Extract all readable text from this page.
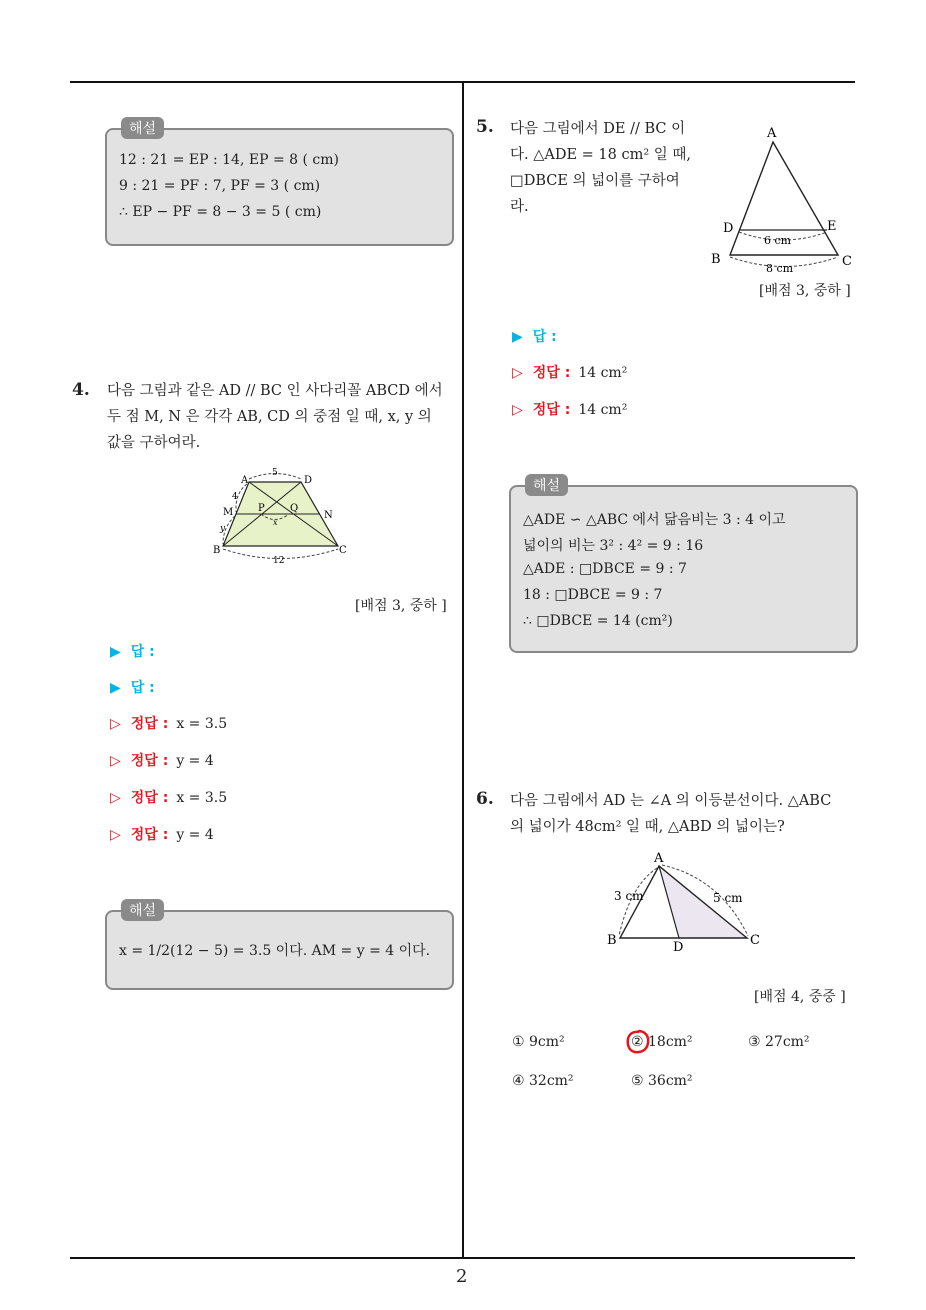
해설
12 : 21 = EP : 14, EP = 8 ( cm)
9 : 21 = PF : 7, PF = 3 ( cm)
∴ EP − PF = 8 − 3 = 5 ( cm)
4. 다음 그림과 같은 AD // BC 인 사다리꼴 ABCD 에서
두 점 M, N 은 각각 AB, CD 의 중점 일 때, x, y 의
값을 구하여라.
A	D
M	N
P	Q
B	C
5
4
y
x
12
[배점 3, 중하 ]
▶ 답 :
▶ 답 :
▷ 정답 : x = 3.5
▷ 정답 : y = 4
▷ 정답 : x = 3.5
▷ 정답 : y = 4
해설
x = 1/2(12 − 5) = 3.5 이다. AM = y = 4 이다.
5. 다음 그림에서 DE // BC 이
다. △ADE = 18 cm² 일 때,
□DBCE 의 넓이를 구하여
라.
A
D	E
B	C
6 cm
8 cm
[배점 3, 중하 ]
▶ 답 :
▷ 정답 : 14 cm²
▷ 정답 : 14 cm²
해설
△ADE ∽ △ABC 에서 닮음비는 3 : 4 이고
넓이의 비는 3² : 4² = 9 : 16
△ADE : □DBCE = 9 : 7
18 : □DBCE = 9 : 7
∴ □DBCE = 14 (cm²)
6. 다음 그림에서 AD 는 ∠A 의 이등분선이다. △ABC
의 넓이가 48cm² 일 때, △ABD 의 넓이는?
A
B	C
D
3 cm	5 cm
[배점 4, 중중 ]
① 9cm²	② 18cm²	③ 27cm²
④ 32cm²	⑤ 36cm²
2
